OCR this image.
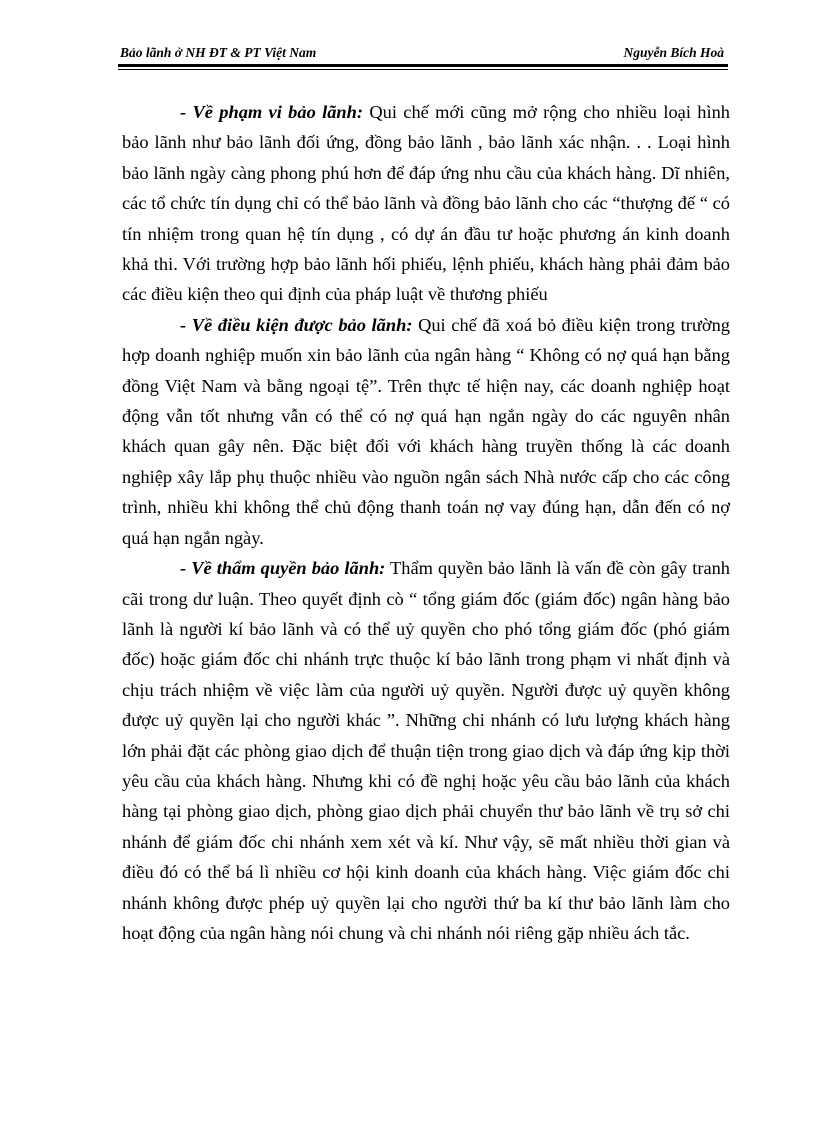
Bảo lãnh ở NH ĐT & PT Việt Nam	Nguyễn Bích Hoà

- Về phạm vi bảo lãnh: Qui chế mới cũng mở rộng cho nhiều loại hình bảo lãnh như bảo lãnh đối ứng, đồng bảo lãnh , bảo lãnh xác nhận. . . Loại hình bảo lãnh ngày càng phong phú hơn để đáp ứng nhu cầu của khách hàng. Dĩ nhiên, các tổ chức tín dụng chỉ có thể bảo lãnh và đồng bảo lãnh cho các “thượng đế “ có tín nhiệm trong quan hệ tín dụng , có dự án đầu tư hoặc phương án kinh doanh khả thi. Với trường hợp bảo lãnh hối phiếu, lệnh phiếu, khách hàng phải đảm bảo các điều kiện theo qui định của pháp luật về thương phiếu

- Về điều kiện được bảo lãnh: Qui chế đã xoá bỏ điều kiện trong trường hợp doanh nghiệp muốn xin bảo lãnh của ngân hàng “ Không có nợ quá hạn bằng đồng Việt Nam và bằng ngoại tệ”. Trên thực tế hiện nay, các doanh nghiệp hoạt động vẫn tốt nhưng vẫn có thể có nợ quá hạn ngắn ngày do các nguyên nhân khách quan gây nên. Đặc biệt đối với khách hàng truyền thống là các doanh nghiệp xây lắp phụ thuộc nhiều vào nguồn ngân sách Nhà nước cấp cho các công trình, nhiều khi không thể chủ động thanh toán nợ vay đúng hạn, dẫn đến có nợ quá hạn ngắn ngày.

- Về thẩm quyền bảo lãnh: Thẩm quyền bảo lãnh là vấn đề còn gây tranh cãi trong dư luận. Theo quyết định cò “ tổng giám đốc (giám đốc) ngân hàng bảo lãnh là người kí bảo lãnh và có thể uỷ quyền cho phó tổng giám đốc (phó giám đốc) hoặc giám đốc chi nhánh trực thuộc kí bảo lãnh trong phạm vi nhất định và chịu trách nhiệm về việc làm của người uỷ quyền. Người được uỷ quyền không được uỷ quyền lại cho người khác ”. Những chi nhánh có lưu lượng khách hàng lớn phải đặt các phòng giao dịch để thuận tiện trong giao dịch và đáp ứng kịp thời yêu cầu của khách hàng. Nhưng khi có đề nghị hoặc yêu cầu bảo lãnh của khách hàng tại phòng giao dịch, phòng giao dịch phải chuyển thư bảo lãnh về trụ sở chi nhánh để giám đốc chi nhánh xem xét và kí. Như vậy, sẽ mất nhiều thời gian và điều đó có thể bá lì nhiều cơ hội kinh doanh của khách hàng. Việc giám đốc chi nhánh không được phép uỷ quyền lại cho người thứ ba kí thư bảo lãnh làm cho hoạt động của ngân hàng nói chung và chi nhánh nói riêng gặp nhiều ách tắc.
